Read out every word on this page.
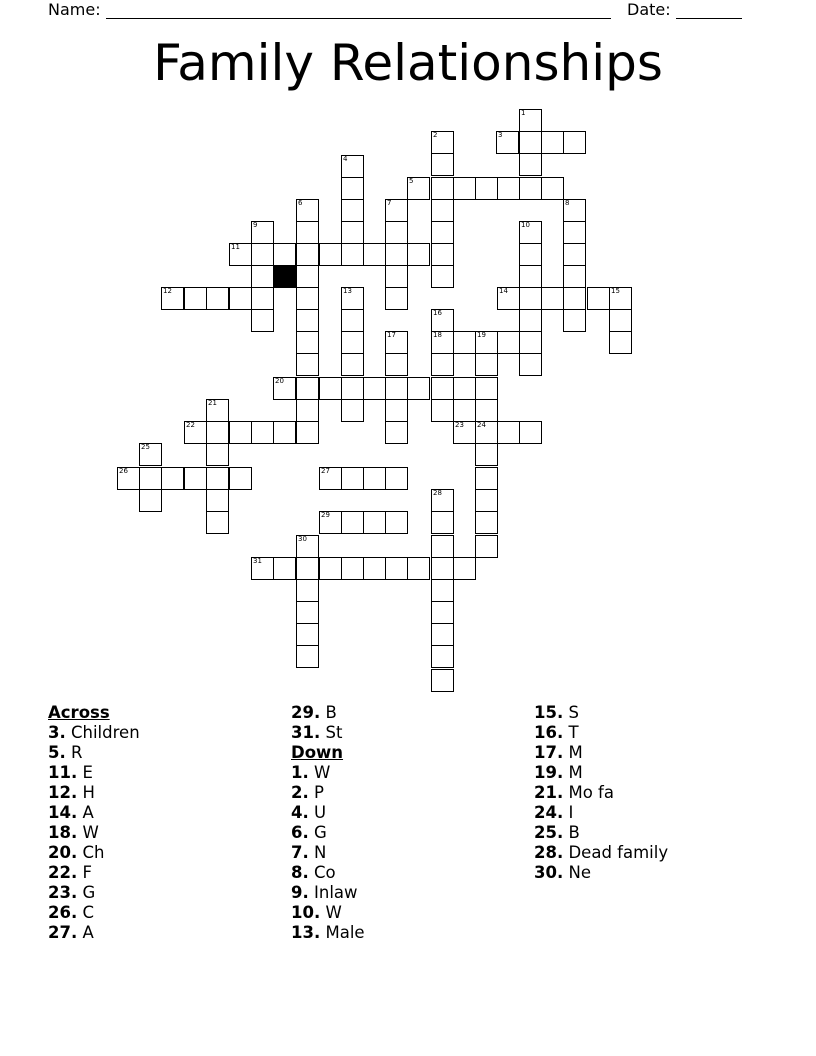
Name:	Date:
Family Relationships
1
2	3
4
5
6	7	8
9	10
11
12	13	14	15
16
17	18	19
20
21
22	23 24
25
26	27
28
29
30
31
Across
3. Children
5. R
11. E
12. H
14. A
18. W
20. Ch
22. F
23. G
26. C
27. A
29. B
31. St
Down
1. W
2. P
4. U
6. G
7. N
8. Co
9. Inlaw
10. W
13. Male
15. S
16. T
17. M
19. M
21. Mo fa
24. I
25. B
28. Dead family
30. Ne
